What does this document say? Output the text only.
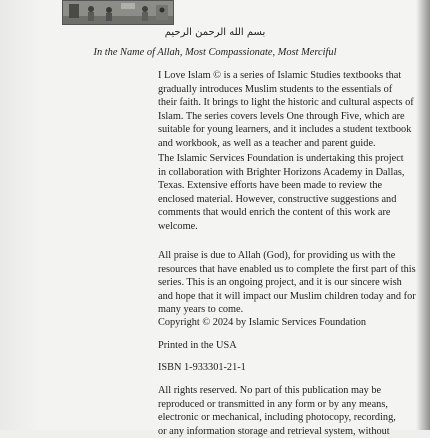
بسم الله الرحمن الرحيم
In the Name of Allah, Most Compassionate, Most Merciful
I Love Islam © is a series of Islamic Studies textbooks that
gradually introduces Muslim students to the essentials of
their faith. It brings to light the historic and cultural aspects of
Islam. The series covers levels One through Five, which are
suitable for young learners, and it includes a student textbook
and workbook, as well as a teacher and parent guide.
The Islamic Services Foundation is undertaking this project
in collaboration with Brighter Horizons Academy in Dallas,
Texas. Extensive efforts have been made to review the
enclosed material. However, constructive suggestions and
comments that would enrich the content of this work are
welcome.
All praise is due to Allah (God), for providing us with the
resources that have enabled us to complete the first part of this
series. This is an ongoing project, and it is our sincere wish
and hope that it will impact our Muslim children today and for
many years to come.
Copyright © 2024 by Islamic Services Foundation
Printed in the USA
ISBN 1-933301-21-1
All rights reserved. No part of this publication may be
reproduced or transmitted in any form or by any means,
electronic or mechanical, including photocopy, recording,
or any information storage and retrieval system, without
